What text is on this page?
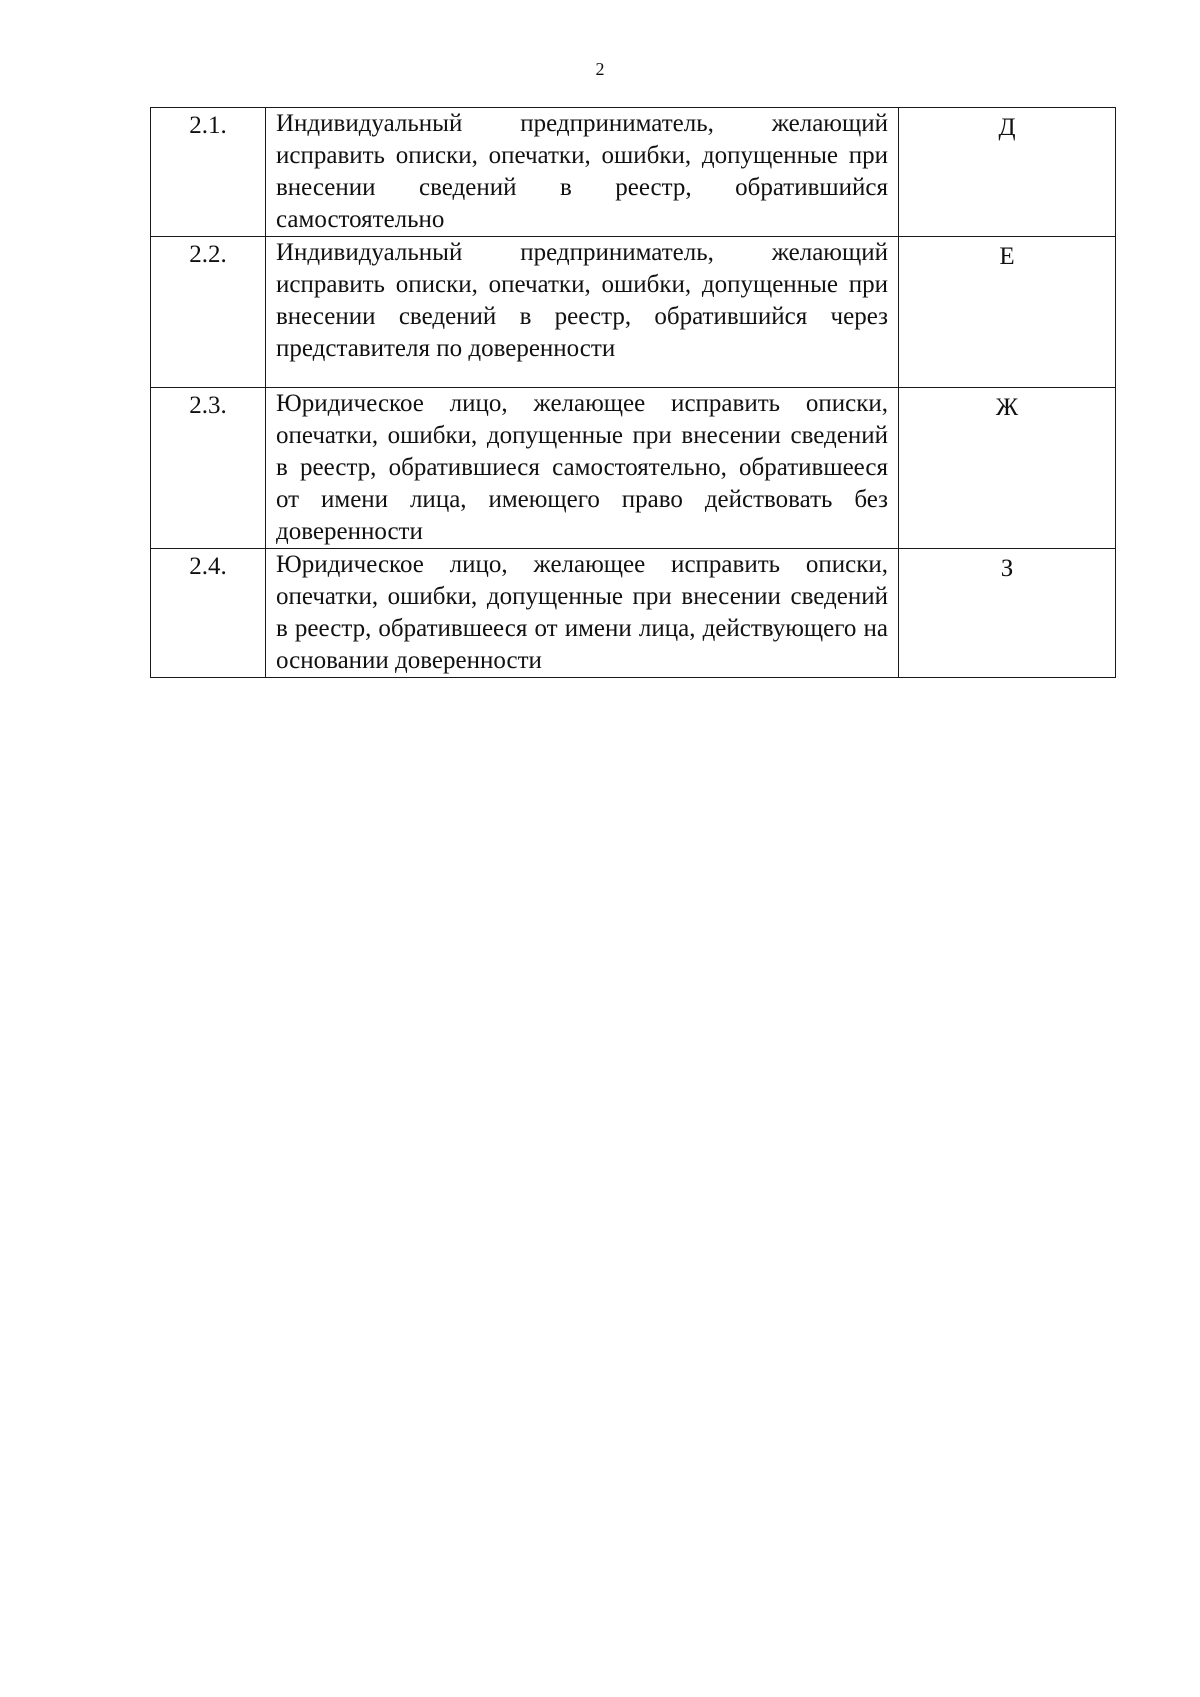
2
2.1.	Индивидуальный предприниматель, желающий исправить описки, опечатки, ошибки, допущенные при внесении сведений в реестр, обратившийся самостоятельно	Д
2.2.	Индивидуальный предприниматель, желающий исправить описки, опечатки, ошибки, допущенные при внесении сведений в реестр, обратившийся через представителя по доверенности	Е
2.3.	Юридическое лицо, желающее исправить описки, опечатки, ошибки, допущенные при внесении сведений в реестр, обратившиеся самостоятельно, обратившееся от имени лица, имеющего право действовать без доверенности	Ж
2.4.	Юридическое лицо, желающее исправить описки, опечатки, ошибки, допущенные при внесении сведений в реестр, обратившееся от имени лица, действующего на основании доверенности	З
